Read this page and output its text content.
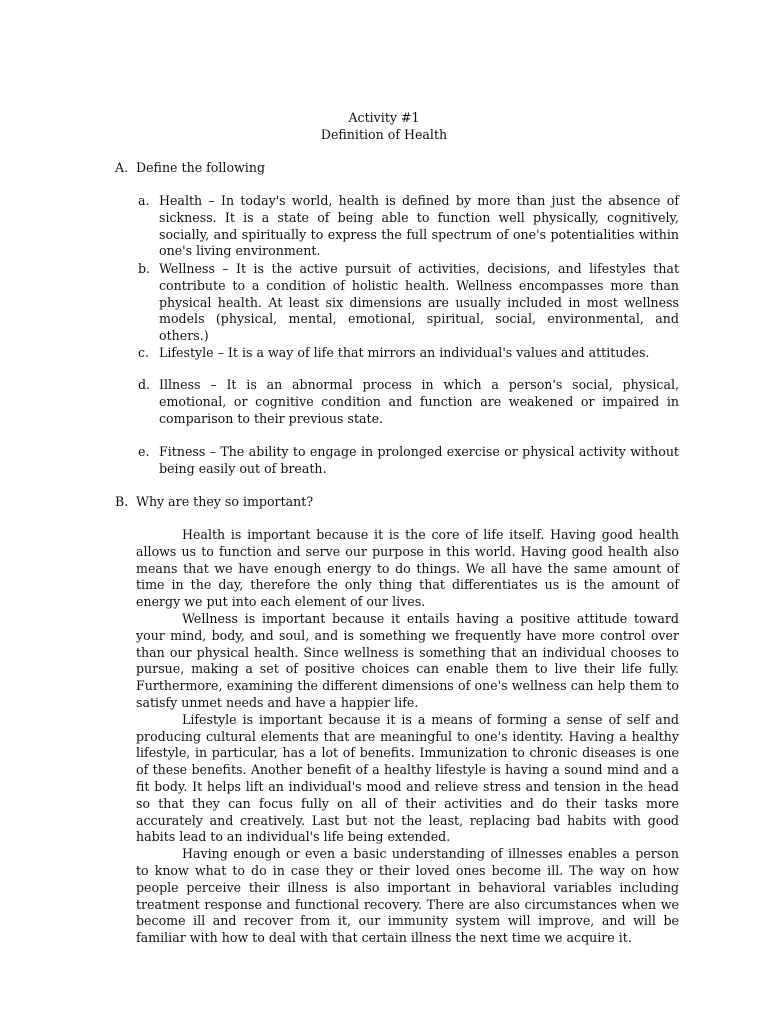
Activity #1
Definition of Health
A. Define the following
a. Health – In today's world, health is defined by more than just the absence of sickness. It is a state of being able to function well physically, cognitively, socially, and spiritually to express the full spectrum of one's potentialities within one's living environment.
b. Wellness – It is the active pursuit of activities, decisions, and lifestyles that contribute to a condition of holistic health. Wellness encompasses more than physical health. At least six dimensions are usually included in most wellness models (physical, mental, emotional, spiritual, social, environmental, and others.)
c. Lifestyle – It is a way of life that mirrors an individual's values and attitudes.
d. Illness – It is an abnormal process in which a person's social, physical, emotional, or cognitive condition and function are weakened or impaired in comparison to their previous state.
e. Fitness – The ability to engage in prolonged exercise or physical activity without being easily out of breath.
B. Why are they so important?

Health is important because it is the core of life itself. Having good health allows us to function and serve our purpose in this world. Having good health also means that we have enough energy to do things. We all have the same amount of time in the day, therefore the only thing that differentiates us is the amount of energy we put into each element of our lives.

Wellness is important because it entails having a positive attitude toward your mind, body, and soul, and is something we frequently have more control over than our physical health. Since wellness is something that an individual chooses to pursue, making a set of positive choices can enable them to live their life fully. Furthermore, examining the different dimensions of one's wellness can help them to satisfy unmet needs and have a happier life.

Lifestyle is important because it is a means of forming a sense of self and producing cultural elements that are meaningful to one's identity. Having a healthy lifestyle, in particular, has a lot of benefits. Immunization to chronic diseases is one of these benefits. Another benefit of a healthy lifestyle is having a sound mind and a fit body. It helps lift an individual's mood and relieve stress and tension in the head so that they can focus fully on all of their activities and do their tasks more accurately and creatively. Last but not the least, replacing bad habits with good habits lead to an individual's life being extended.

Having enough or even a basic understanding of illnesses enables a person to know what to do in case they or their loved ones become ill. The way on how people perceive their illness is also important in behavioral variables including treatment response and functional recovery. There are also circumstances when we become ill and recover from it, our immunity system will improve, and will be familiar with how to deal with that certain illness the next time we acquire it.
